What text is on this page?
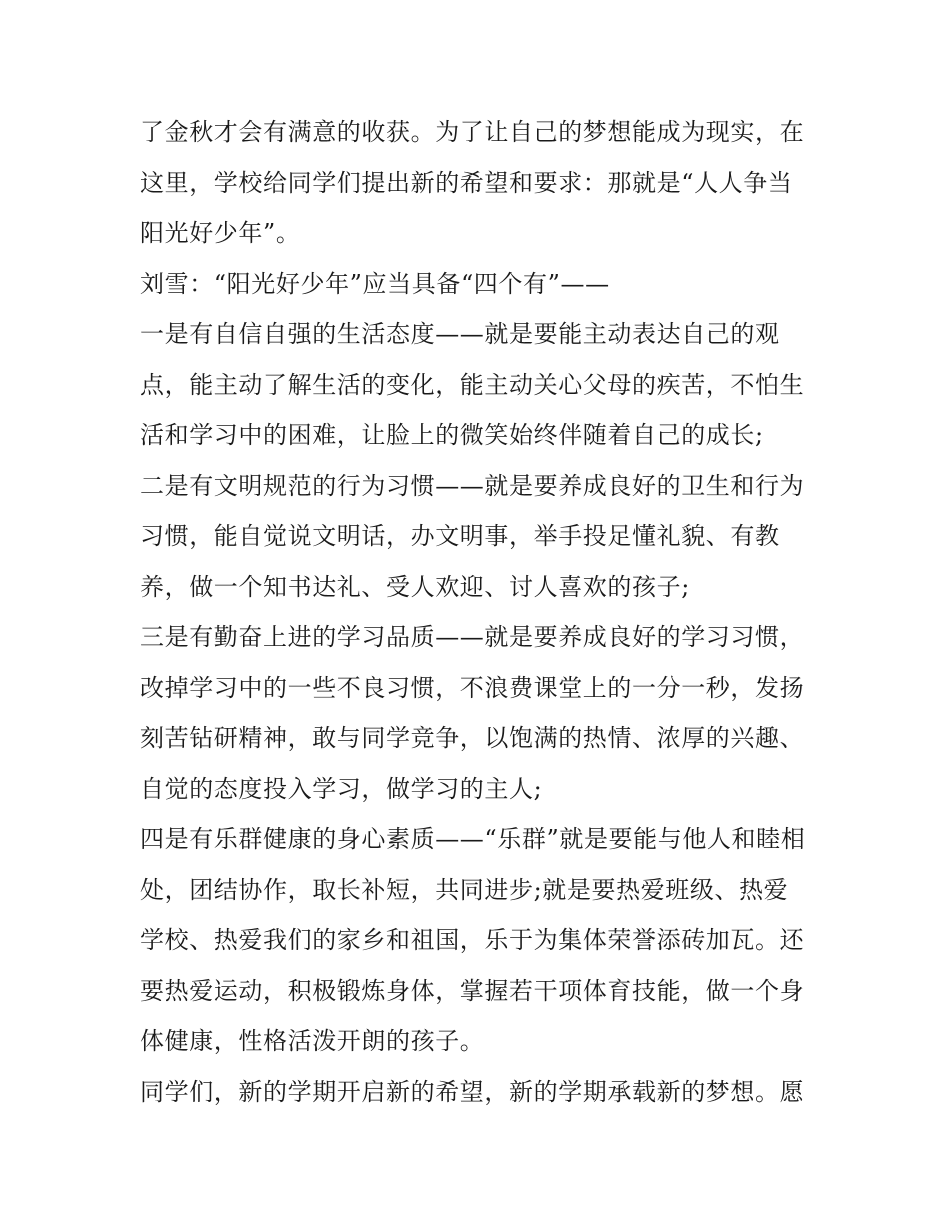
了金秋才会有满意的收获。为了让自己的梦想能成为现实，在
这里，学校给同学们提出新的希望和要求：那就是“人人争当
阳光好少年”。

刘雪：“阳光好少年”应当具备“四个有”——

一是有自信自强的生活态度——就是要能主动表达自己的观
点，能主动了解生活的变化，能主动关心父母的疾苦，不怕生
活和学习中的困难，让脸上的微笑始终伴随着自己的成长;

二是有文明规范的行为习惯——就是要养成良好的卫生和行为
习惯，能自觉说文明话，办文明事，举手投足懂礼貌、有教
养，做一个知书达礼、受人欢迎、讨人喜欢的孩子;

三是有勤奋上进的学习品质——就是要养成良好的学习习惯，
改掉学习中的一些不良习惯，不浪费课堂上的一分一秒，发扬
刻苦钻研精神，敢与同学竞争，以饱满的热情、浓厚的兴趣、
自觉的态度投入学习，做学习的主人;

四是有乐群健康的身心素质——“乐群”就是要能与他人和睦相
处，团结协作，取长补短，共同进步;就是要热爱班级、热爱
学校、热爱我们的家乡和祖国，乐于为集体荣誉添砖加瓦。还
要热爱运动，积极锻炼身体，掌握若干项体育技能，做一个身
体健康，性格活泼开朗的孩子。

同学们，新的学期开启新的希望，新的学期承载新的梦想。愿
